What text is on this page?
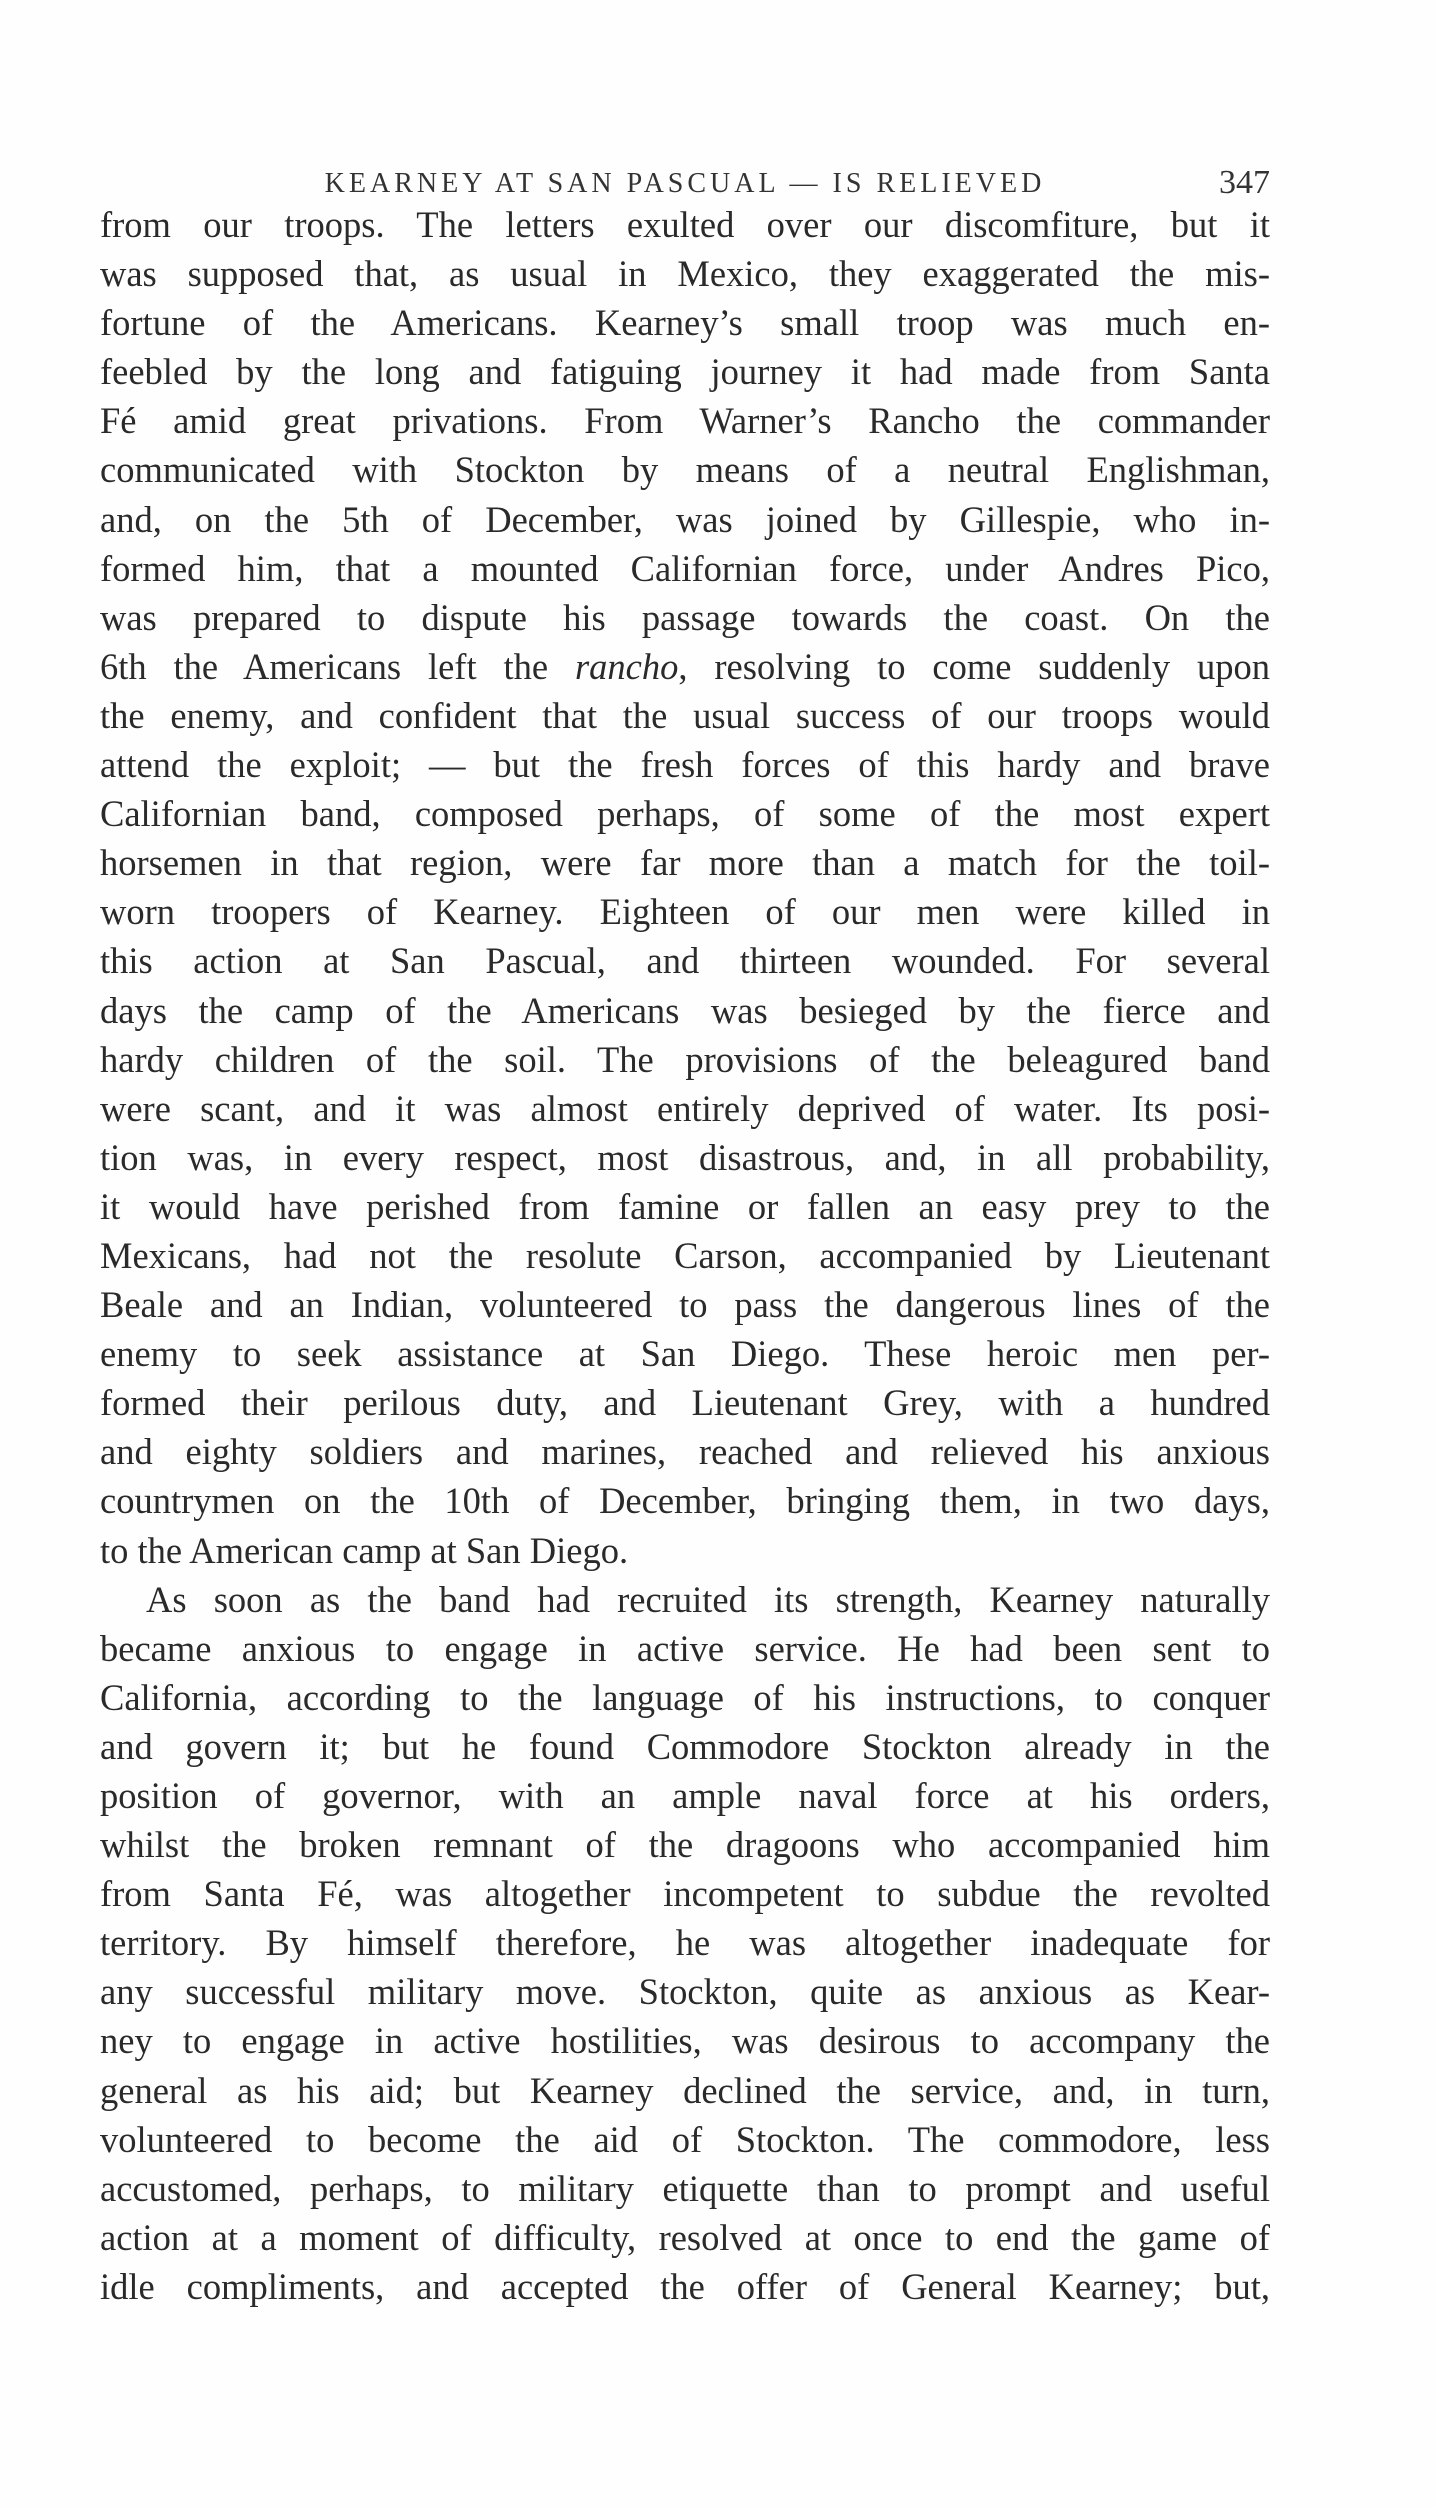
KEARNEY AT SAN PASCUAL — IS RELIEVED	347
from our troops. The letters exulted over our discomfiture, but it
was supposed that, as usual in Mexico, they exaggerated the mis-
fortune of the Americans. Kearney’s small troop was much en-
feebled by the long and fatiguing journey it had made from Santa
Fé amid great privations. From Warner’s Rancho the commander
communicated with Stockton by means of a neutral Englishman,
and, on the 5th of December, was joined by Gillespie, who in-
formed him, that a mounted Californian force, under Andres Pico,
was prepared to dispute his passage towards the coast. On the
6th the Americans left the rancho, resolving to come suddenly upon
the enemy, and confident that the usual success of our troops would
attend the exploit; — but the fresh forces of this hardy and brave
Californian band, composed perhaps, of some of the most expert
horsemen in that region, were far more than a match for the toil-
worn troopers of Kearney. Eighteen of our men were killed in
this action at San Pascual, and thirteen wounded. For several
days the camp of the Americans was besieged by the fierce and
hardy children of the soil. The provisions of the beleagured band
were scant, and it was almost entirely deprived of water. Its posi-
tion was, in every respect, most disastrous, and, in all probability,
it would have perished from famine or fallen an easy prey to the
Mexicans, had not the resolute Carson, accompanied by Lieutenant
Beale and an Indian, volunteered to pass the dangerous lines of the
enemy to seek assistance at San Diego. These heroic men per-
formed their perilous duty, and Lieutenant Grey, with a hundred
and eighty soldiers and marines, reached and relieved his anxious
countrymen on the 10th of December, bringing them, in two days,
to the American camp at San Diego.
As soon as the band had recruited its strength, Kearney naturally
became anxious to engage in active service. He had been sent to
California, according to the language of his instructions, to conquer
and govern it; but he found Commodore Stockton already in the
position of governor, with an ample naval force at his orders,
whilst the broken remnant of the dragoons who accompanied him
from Santa Fé, was altogether incompetent to subdue the revolted
territory. By himself therefore, he was altogether inadequate for
any successful military move. Stockton, quite as anxious as Kear-
ney to engage in active hostilities, was desirous to accompany the
general as his aid; but Kearney declined the service, and, in turn,
volunteered to become the aid of Stockton. The commodore, less
accustomed, perhaps, to military etiquette than to prompt and useful
action at a moment of difficulty, resolved at once to end the game of
idle compliments, and accepted the offer of General Kearney; but,
